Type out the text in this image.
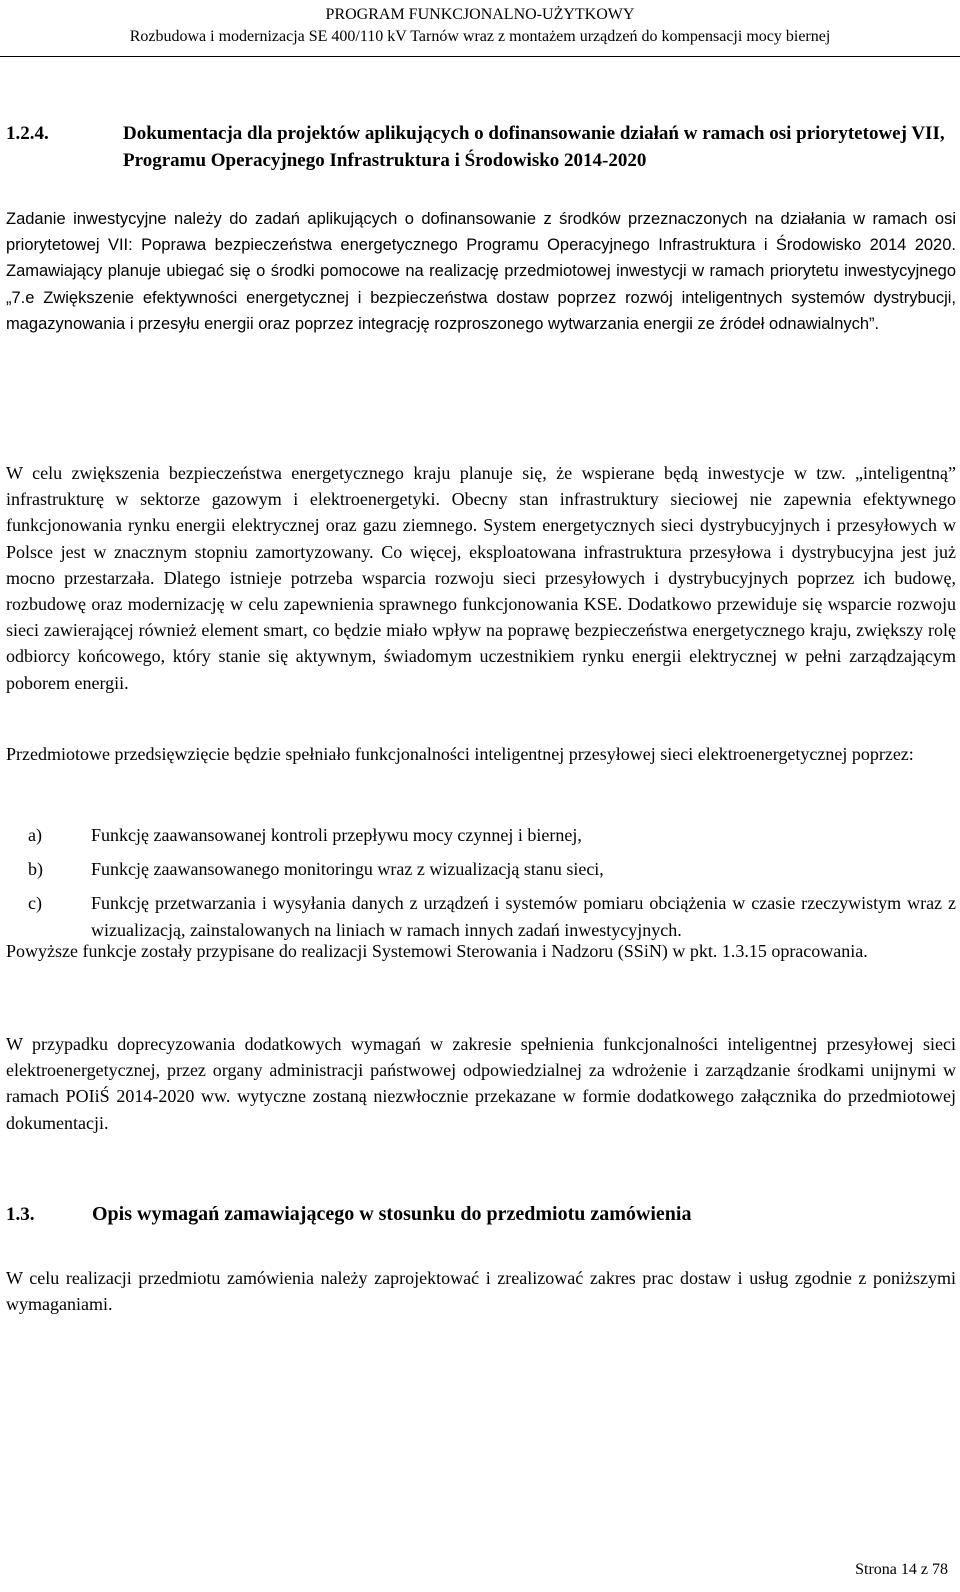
PROGRAM FUNKCJONALNO-UŻYTKOWY
Rozbudowa i modernizacja SE 400/110 kV Tarnów wraz z montażem urządzeń do kompensacji mocy biernej
1.2.4.	Dokumentacja dla projektów aplikujących o dofinansowanie działań w ramach osi priorytetowej VII, Programu Operacyjnego Infrastruktura i Środowisko 2014-2020

Zadanie inwestycyjne należy do zadań aplikujących o dofinansowanie z środków przeznaczonych na działania w ramach osi priorytetowej VII: Poprawa bezpieczeństwa energetycznego Programu Operacyjnego Infrastruktura i Środowisko 2014 2020. Zamawiający planuje ubiegać się o środki pomocowe na realizację przedmiotowej inwestycji w ramach priorytetu inwestycyjnego „7.e Zwiększenie efektywności energetycznej i bezpieczeństwa dostaw poprzez rozwój inteligentnych systemów dystrybucji, magazynowania i przesyłu energii oraz poprzez integrację rozproszonego wytwarzania energii ze źródeł odnawialnych”.

W celu zwiększenia bezpieczeństwa energetycznego kraju planuje się, że wspierane będą inwestycje w tzw. „inteligentną” infrastrukturę w sektorze gazowym i elektroenergetyki. Obecny stan infrastruktury sieciowej nie zapewnia efektywnego funkcjonowania rynku energii elektrycznej oraz gazu ziemnego. System energetycznych sieci dystrybucyjnych i przesyłowych w Polsce jest w znacznym stopniu zamortyzowany. Co więcej, eksploatowana infrastruktura przesyłowa i dystrybucyjna jest już mocno przestarzała. Dlatego istnieje potrzeba wsparcia rozwoju sieci przesyłowych i dystrybucyjnych poprzez ich budowę, rozbudowę oraz modernizację w celu zapewnienia sprawnego funkcjonowania KSE. Dodatkowo przewiduje się wsparcie rozwoju sieci zawierającej również element smart, co będzie miało wpływ na poprawę bezpieczeństwa energetycznego kraju, zwiększy rolę odbiorcy końcowego, który stanie się aktywnym, świadomym uczestnikiem rynku energii elektrycznej w pełni zarządzającym poborem energii.

Przedmiotowe przedsięwzięcie będzie spełniało funkcjonalności inteligentnej przesyłowej sieci elektroenergetycznej poprzez:

a)	Funkcję zaawansowanej kontroli przepływu mocy czynnej i biernej,
b)	Funkcję zaawansowanego monitoringu wraz z wizualizacją stanu sieci,
c)	Funkcję przetwarzania i wysyłania danych z urządzeń i systemów pomiaru obciążenia w czasie rzeczywistym wraz z wizualizacją, zainstalowanych na liniach w ramach innych zadań inwestycyjnych.

Powyższe funkcje zostały przypisane do realizacji Systemowi Sterowania i Nadzoru (SSiN) w pkt. 1.3.15 opracowania.

W przypadku doprecyzowania dodatkowych wymagań w zakresie spełnienia funkcjonalności inteligentnej przesyłowej sieci elektroenergetycznej, przez organy administracji państwowej odpowiedzialnej za wdrożenie i zarządzanie środkami unijnymi w ramach POIiŚ 2014-2020 ww. wytyczne zostaną niezwłocznie przekazane w formie dodatkowego załącznika do przedmiotowej dokumentacji.

1.3.	Opis wymagań zamawiającego w stosunku do przedmiotu zamówienia

W celu realizacji przedmiotu zamówienia należy zaprojektować i zrealizować zakres prac dostaw i usług zgodnie z poniższymi wymaganiami.

Strona 14 z 78
